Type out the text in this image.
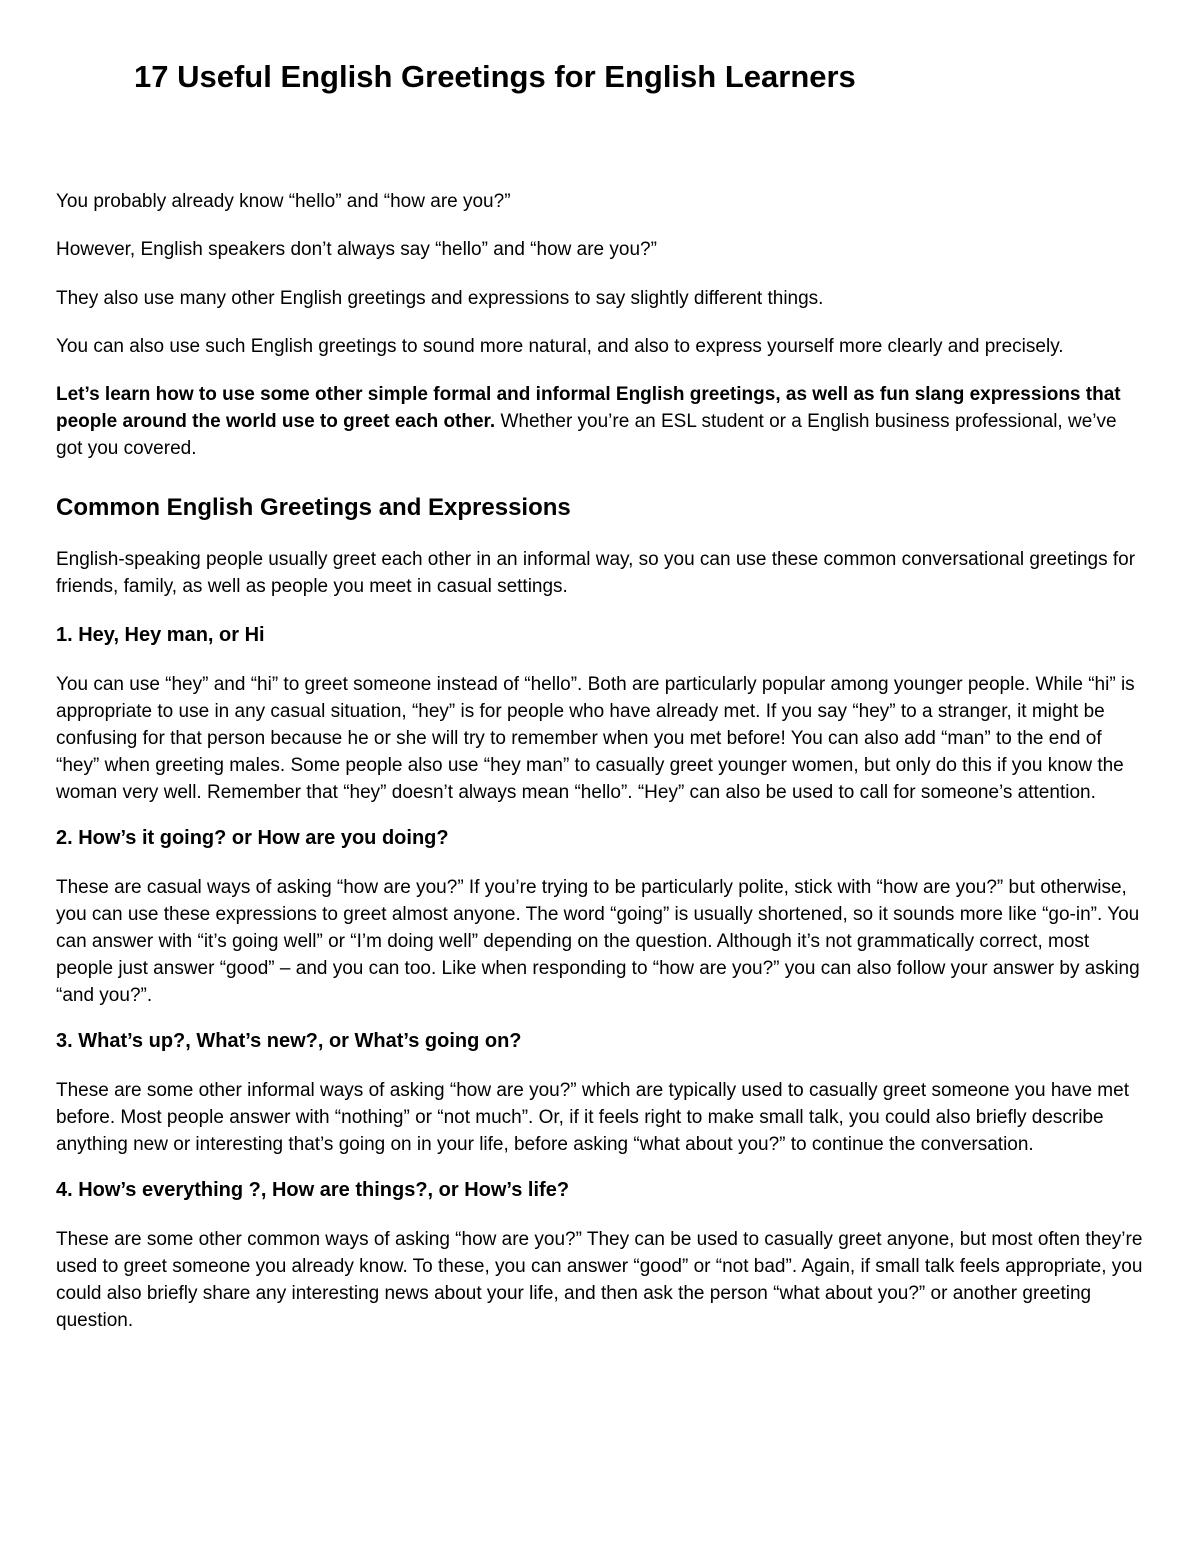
17 Useful English Greetings for English Learners

You probably already know “hello” and “how are you?”

However, English speakers don’t always say “hello” and “how are you?”

They also use many other English greetings and expressions to say slightly different things.

You can also use such English greetings to sound more natural, and also to express yourself more clearly and precisely.

Let’s learn how to use some other simple formal and informal English greetings, as well as fun slang expressions that people around the world use to greet each other. Whether you’re an ESL student or a English business professional, we’ve got you covered.

Common English Greetings and Expressions

English-speaking people usually greet each other in an informal way, so you can use these common conversational greetings for friends, family, as well as people you meet in casual settings.

1. Hey, Hey man, or Hi

You can use “hey” and “hi” to greet someone instead of “hello”. Both are particularly popular among younger people. While “hi” is appropriate to use in any casual situation, “hey” is for people who have already met. If you say “hey” to a stranger, it might be confusing for that person because he or she will try to remember when you met before! You can also add “man” to the end of “hey” when greeting males. Some people also use “hey man” to casually greet younger women, but only do this if you know the woman very well. Remember that “hey” doesn’t always mean “hello”. “Hey” can also be used to call for someone’s attention.

2. How’s it going? or How are you doing?

These are casual ways of asking “how are you?” If you’re trying to be particularly polite, stick with “how are you?” but otherwise, you can use these expressions to greet almost anyone. The word “going” is usually shortened, so it sounds more like “go-in”. You can answer with “it’s going well” or “I’m doing well” depending on the question. Although it’s not grammatically correct, most people just answer “good” – and you can too. Like when responding to “how are you?” you can also follow your answer by asking “and you?”.

3. What’s up?, What’s new?, or What’s going on?

These are some other informal ways of asking “how are you?” which are typically used to casually greet someone you have met before. Most people answer with “nothing” or “not much”. Or, if it feels right to make small talk, you could also briefly describe anything new or interesting that’s going on in your life, before asking “what about you?” to continue the conversation.

4. How’s everything ?, How are things?, or How’s life?

These are some other common ways of asking “how are you?” They can be used to casually greet anyone, but most often they’re used to greet someone you already know. To these, you can answer “good” or “not bad”. Again, if small talk feels appropriate, you could also briefly share any interesting news about your life, and then ask the person “what about you?” or another greeting question.
